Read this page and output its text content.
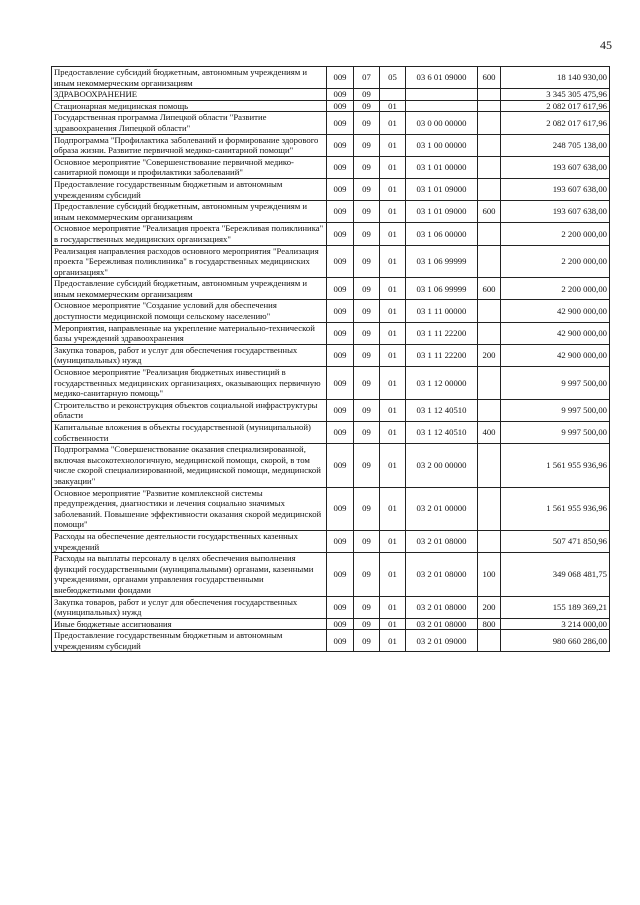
45
Предоставление субсидий бюджетным, автономным учреждениям и иным некоммерческим организациям	009	07	05	03 6 01 09000	600	18 140 930,00
ЗДРАВООХРАНЕНИЕ	009	09				3 345 305 475,96
Стационарная медицинская помощь	009	09	01			2 082 017 617,96
Государственная программа Липецкой области "Развитие здравоохранения Липецкой области"	009	09	01	03 0 00 00000		2 082 017 617,96
Подпрограмма "Профилактика заболеваний и формирование здорового образа жизни. Развитие первичной медико-санитарной помощи"	009	09	01	03 1 00 00000		248 705 138,00
Основное мероприятие "Совершенствование первичной медико-санитарной помощи и профилактики заболеваний"	009	09	01	03 1 01 00000		193 607 638,00
Предоставление государственным бюджетным и автономным учреждениям субсидий	009	09	01	03 1 01 09000		193 607 638,00
Предоставление субсидий бюджетным, автономным учреждениям и иным некоммерческим организациям	009	09	01	03 1 01 09000	600	193 607 638,00
Основное мероприятие "Реализация проекта "Бережливая поликлиника" в государственных медицинских организациях"	009	09	01	03 1 06 00000		2 200 000,00
Реализация направления расходов основного мероприятия "Реализация проекта "Бережливая поликлиника" в государственных медицинских организациях"	009	09	01	03 1 06 99999		2 200 000,00
Предоставление субсидий бюджетным, автономным учреждениям и иным некоммерческим организациям	009	09	01	03 1 06 99999	600	2 200 000,00
Основное мероприятие "Создание условий для обеспечения доступности медицинской помощи сельскому населению"	009	09	01	03 1 11 00000		42 900 000,00
Мероприятия, направленные на укрепление материально-технической базы учреждений здравоохранения	009	09	01	03 1 11 22200		42 900 000,00
Закупка товаров, работ и услуг для обеспечения государственных (муниципальных) нужд	009	09	01	03 1 11 22200	200	42 900 000,00
Основное мероприятие "Реализация бюджетных инвестиций в государственных медицинских организациях, оказывающих первичную медико-санитарную помощь"	009	09	01	03 1 12 00000		9 997 500,00
Строительство и реконструкция объектов социальной инфраструктуры области	009	09	01	03 1 12 40510		9 997 500,00
Капитальные вложения в объекты государственной (муниципальной) собственности	009	09	01	03 1 12 40510	400	9 997 500,00
Подпрограмма "Совершенствование оказания специализированной, включая высокотехнологичную, медицинской помощи, скорой, в том числе скорой специализированной, медицинской помощи, медицинской эвакуации"	009	09	01	03 2 00 00000		1 561 955 936,96
Основное мероприятие "Развитие комплексной системы предупреждения, диагностики и лечения социально значимых заболеваний. Повышение эффективности оказания скорой медицинской помощи"	009	09	01	03 2 01 00000		1 561 955 936,96
Расходы на обеспечение деятельности государственных казенных учреждений	009	09	01	03 2 01 08000		507 471 850,96
Расходы на выплаты персоналу в целях обеспечения выполнения функций государственными (муниципальными) органами, казенными учреждениями, органами управления государственными внебюджетными фондами	009	09	01	03 2 01 08000	100	349 068 481,75
Закупка товаров, работ и услуг для обеспечения государственных (муниципальных) нужд	009	09	01	03 2 01 08000	200	155 189 369,21
Иные бюджетные ассигнования	009	09	01	03 2 01 08000	800	3 214 000,00
Предоставление государственным бюджетным и автономным учреждениям субсидий	009	09	01	03 2 01 09000		980 660 286,00
